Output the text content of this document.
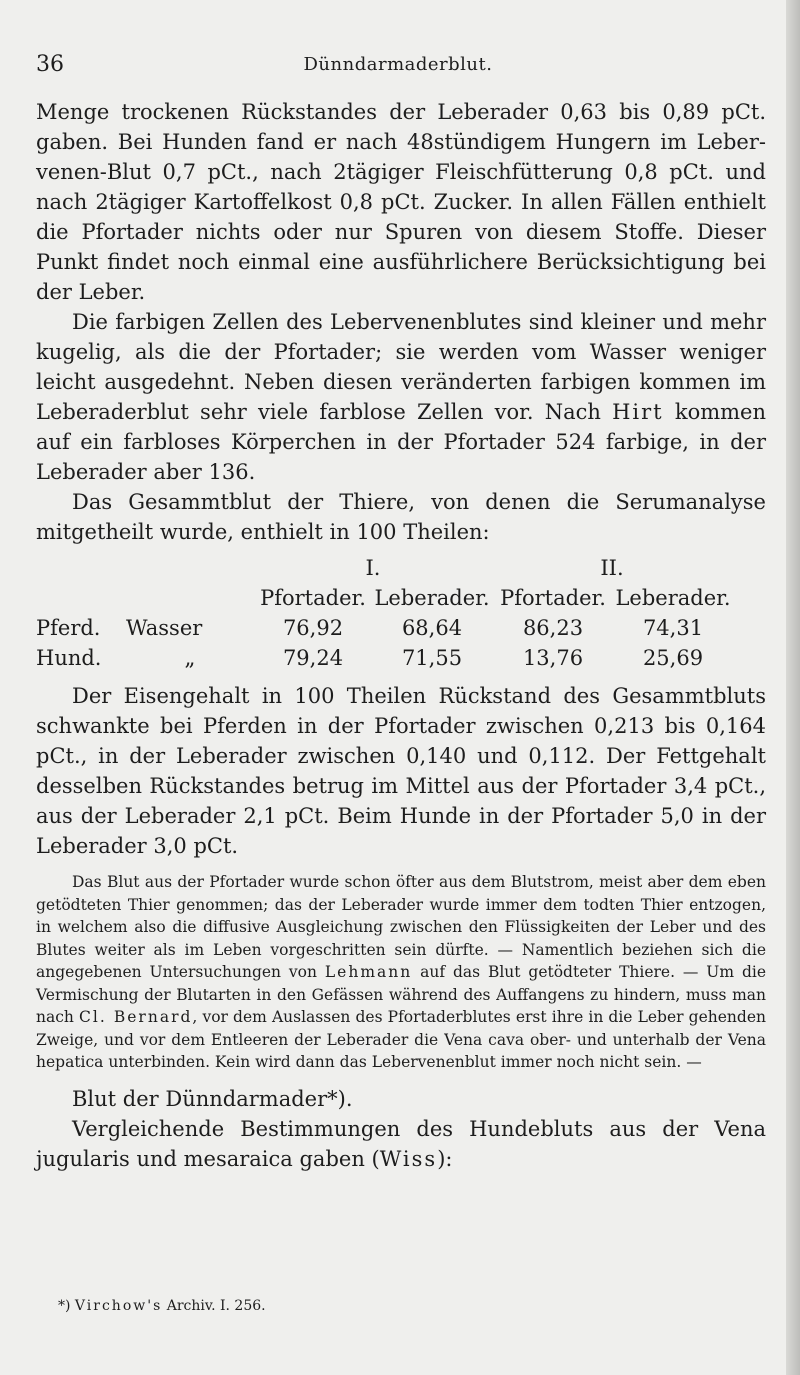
36	Dünndarmaderblut.

Menge trockenen Rückstandes der Leberader 0,63 bis 0,89 pCt. gaben. Bei Hunden fand er nach 48stündigem Hungern im Leber-venen-Blut 0,7 pCt., nach 2tägiger Fleischfütterung 0,8 pCt. und nach 2tägiger Kartoffelkost 0,8 pCt. Zucker. In allen Fällen enthielt die Pfortader nichts oder nur Spuren von diesem Stoffe. Dieser Punkt findet noch einmal eine ausführlichere Berücksichtigung bei der Leber.

Die farbigen Zellen des Lebervenenblutes sind kleiner und mehr kugelig, als die der Pfortader; sie werden vom Wasser weniger leicht ausgedehnt. Neben diesen veränderten farbigen kommen im Leberaderblut sehr viele farblose Zellen vor. Nach Hirt kommen auf ein farbloses Körperchen in der Pfortader 524 farbige, in der Leberader aber 136.

Das Gesammtblut der Thiere, von denen die Serumanalyse mitgetheilt wurde, enthielt in 100 Theilen:

		I.		II.	
		Pfortader.	Leberader.	Pfortader.	Leberader.
Pferd.	Wasser	76,92	68,64	86,23	74,31
Hund.	„	79,24	71,55	13,76	25,69

Der Eisengehalt in 100 Theilen Rückstand des Gesammtbluts schwankte bei Pferden in der Pfortader zwischen 0,213 bis 0,164 pCt., in der Leberader zwischen 0,140 und 0,112. Der Fettgehalt desselben Rückstandes betrug im Mittel aus der Pfortader 3,4 pCt., aus der Leberader 2,1 pCt. Beim Hunde in der Pfortader 5,0 in der Leberader 3,0 pCt.

Das Blut aus der Pfortader wurde schon öfter aus dem Blutstrom, meist aber dem eben getödteten Thier genommen; das der Leberader wurde immer dem todten Thier entzogen, in welchem also die diffusive Ausgleichung zwischen den Flüssigkeiten der Leber und des Blutes weiter als im Leben vorgeschritten sein dürfte. — Namentlich beziehen sich die angegebenen Untersuchungen von Lehmann auf das Blut getödteter Thiere. — Um die Vermischung der Blutarten in den Gefässen während des Auffangens zu hindern, muss man nach Cl. Bernard, vor dem Auslassen des Pfortaderblutes erst ihre in die Leber gehenden Zweige, und vor dem Entleeren der Leberader die Vena cava ober- und unterhalb der Vena hepatica unterbinden. Kein wird dann das Lebervenenblut immer noch nicht sein. —

Blut der Dünndarmader*).

Vergleichende Bestimmungen des Hundebluts aus der Vena jugularis und mesaraica gaben (Wiss):

*) Virchow's Archiv. I. 256.
